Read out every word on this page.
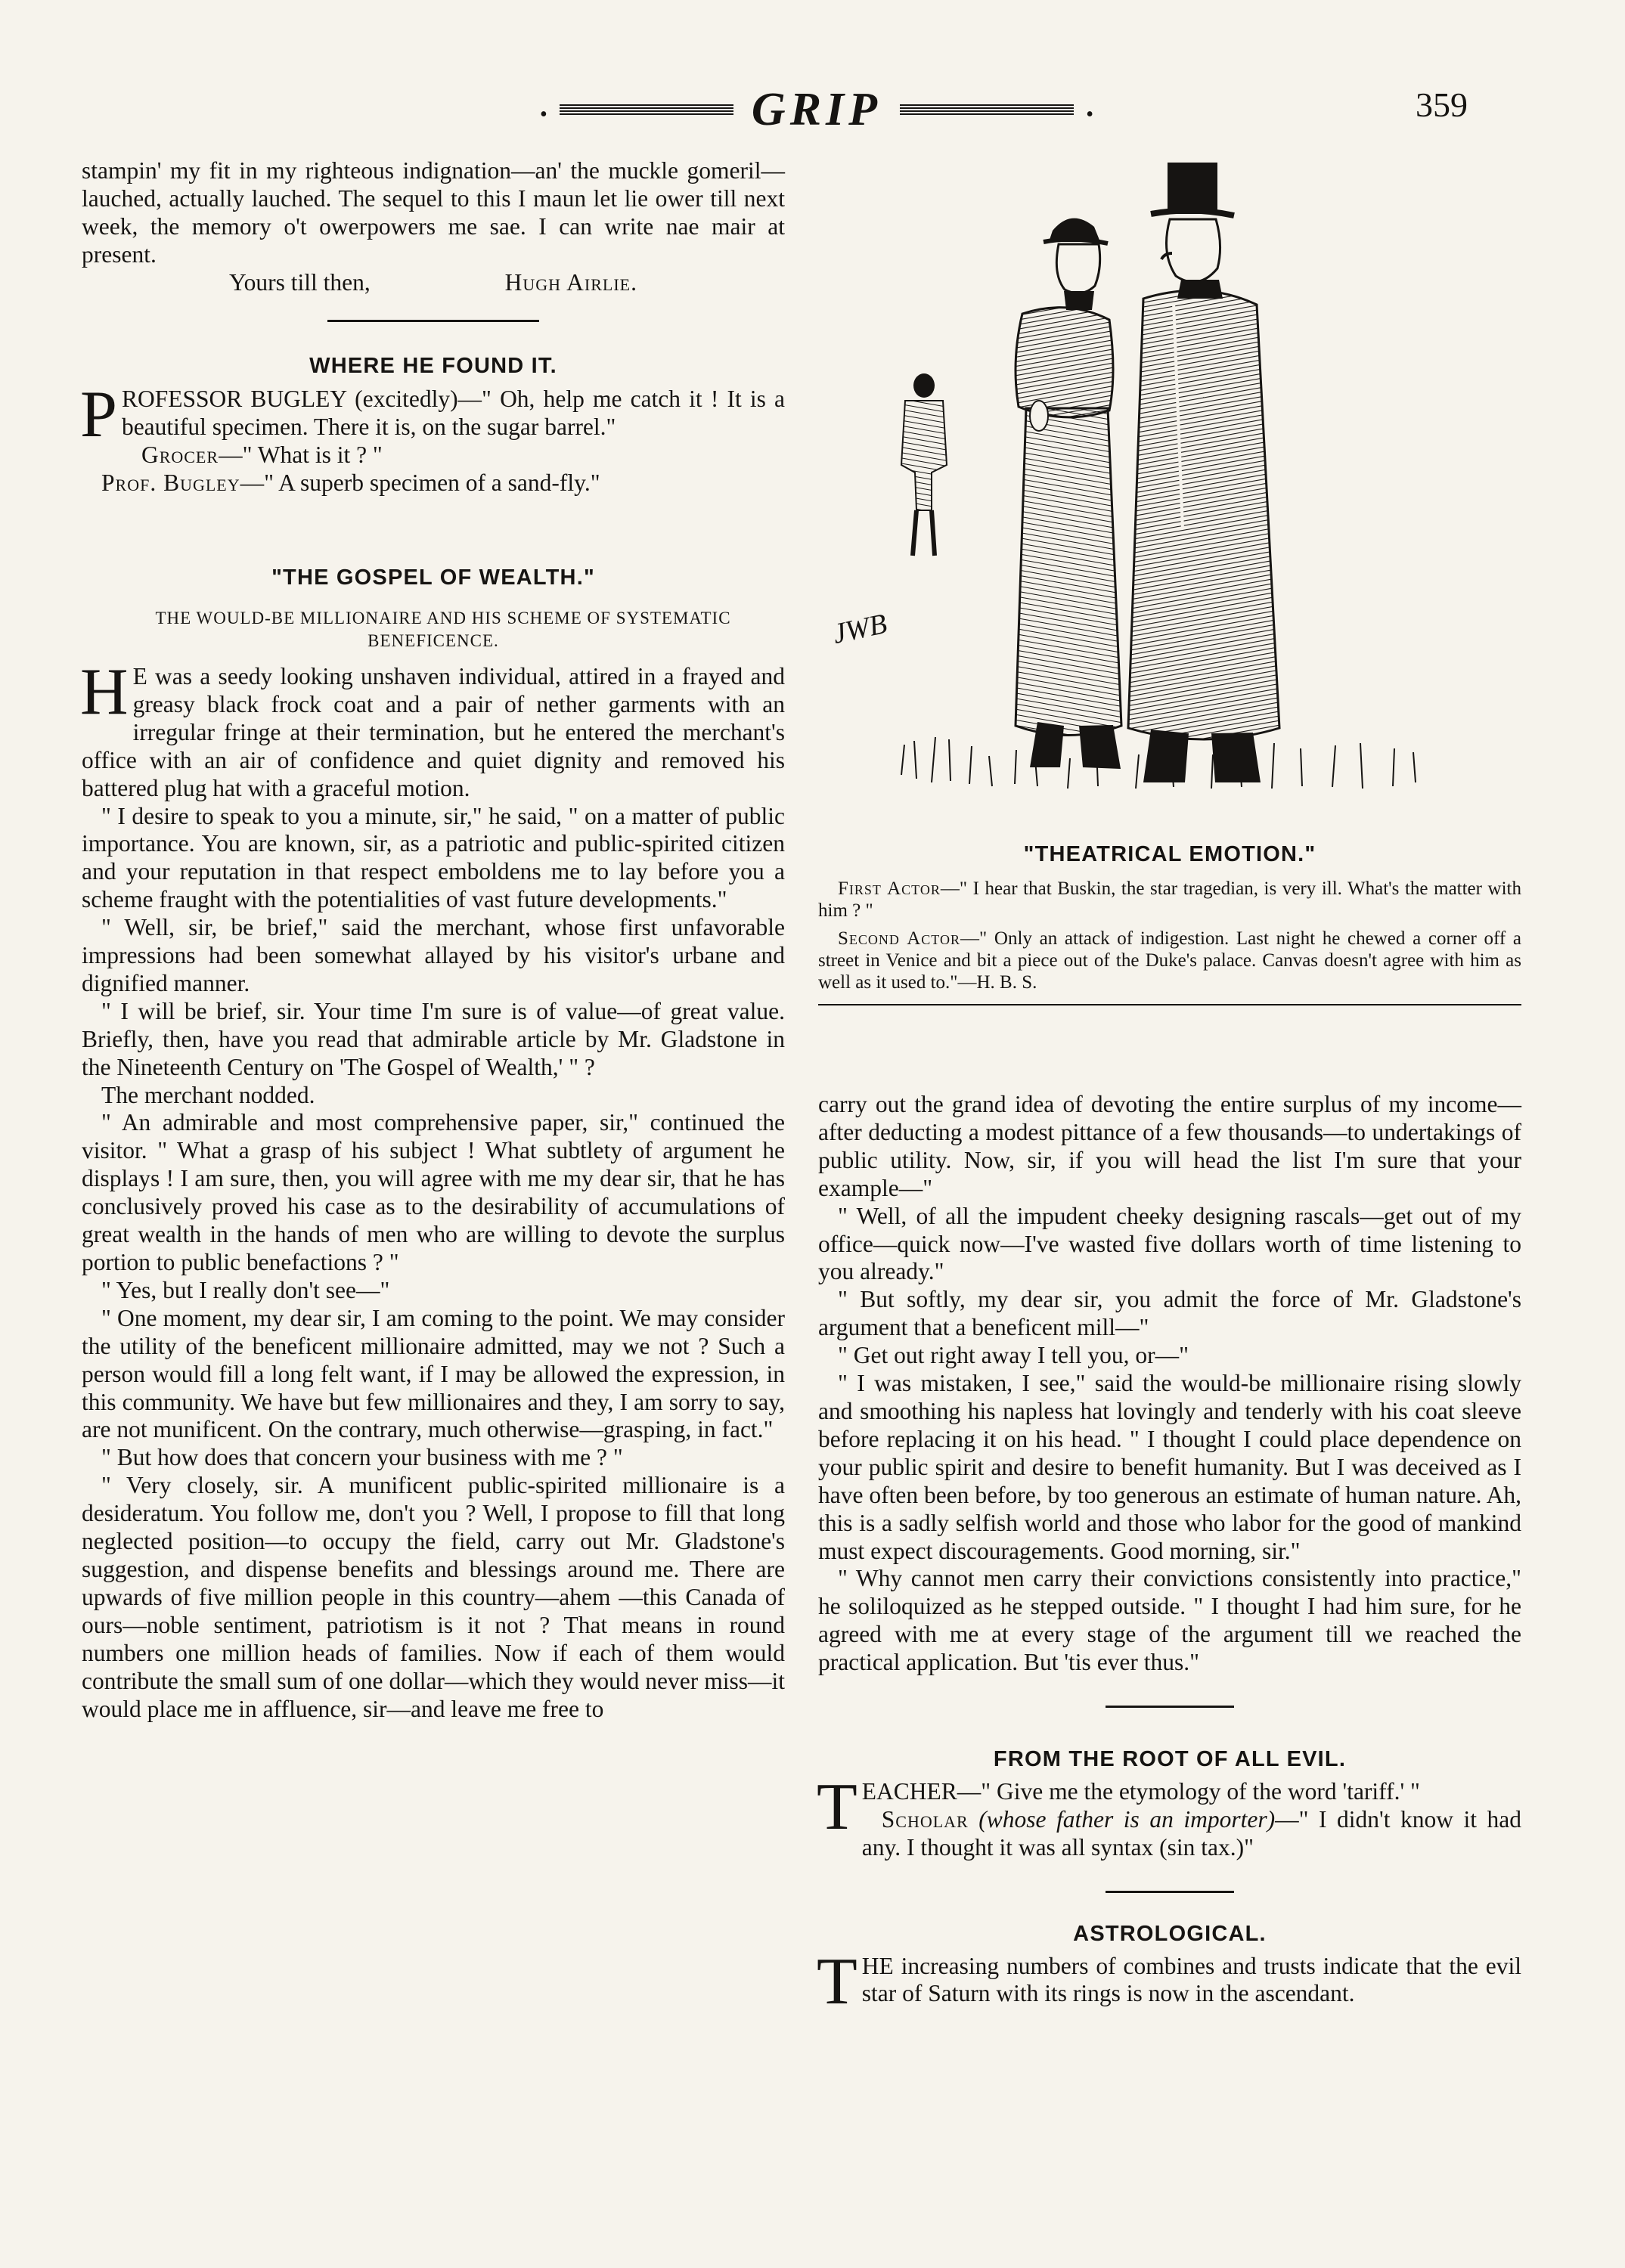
•	GRIP	•	359

stampin' my fit in my righteous indignation—an' the muckle gomeril—lauched, actually lauched. The sequel to this I maun let lie ower till next week, the memory o't owerpowers me sae. I can write nae mair at present.

Yours till then,	Hugh Airlie.
WHERE HE FOUND IT.

PROFESSOR BUGLEY (excitedly)—" Oh, help me catch it ! It is a beautiful specimen. There it is, on the sugar barrel."

Grocer—" What is it ? "

Prof. Bugley—" A superb specimen of a sand-fly."

"THE GOSPEL OF WEALTH."

THE WOULD-BE MILLIONAIRE AND HIS SCHEME OF SYSTEMATIC BENEFICENCE.

H E was a seedy looking unshaven individual, attired in a frayed and greasy black frock coat and a pair of nether garments with an irregular fringe at their termination, but he entered the merchant's office with an air of confidence and quiet dignity and removed his battered plug hat with a graceful motion.

" I desire to speak to you a minute, sir," he said, " on a matter of public importance. You are known, sir, as a patriotic and public-spirited citizen and your reputation in that respect emboldens me to lay before you a scheme fraught with the potentialities of vast future developments."

" Well, sir, be brief," said the merchant, whose first unfavorable impressions had been somewhat allayed by his visitor's urbane and dignified manner.

" I will be brief, sir. Your time I'm sure is of value—of great value. Briefly, then, have you read that admirable article by Mr. Gladstone in the Nineteenth Century on 'The Gospel of Wealth,' " ?

The merchant nodded.

" An admirable and most comprehensive paper, sir," continued the visitor. " What a grasp of his subject ! What subtlety of argument he displays ! I am sure, then, you will agree with me my dear sir, that he has conclusively proved his case as to the desirability of accumulations of great wealth in the hands of men who are willing to devote the surplus portion to public benefactions ? "

" Yes, but I really don't see—"

" One moment, my dear sir, I am coming to the point. We may consider the utility of the beneficent millionaire admitted, may we not ? Such a person would fill a long felt want, if I may be allowed the expression, in this community. We have but few millionaires and they, I am sorry to say, are not munificent. On the contrary, much otherwise—grasping, in fact."

" But how does that concern your business with me ? "

" Very closely, sir. A munificent public-spirited millionaire is a desideratum. You follow me, don't you ? Well, I propose to fill that long neglected position—to occupy the field, carry out Mr. Gladstone's suggestion, and dispense benefits and blessings around me. There are upwards of five million people in this country—ahem —this Canada of ours—noble sentiment, patriotism is it not ? That means in round numbers one million heads of families. Now if each of them would contribute the small sum of one dollar—which they would never miss—it would place me in affluence, sir—and leave me free to

JWB
"THEATRICAL EMOTION."

First Actor—" I hear that Buskin, the star tragedian, is very ill. What's the matter with him ? "

Second Actor—" Only an attack of indigestion. Last night he chewed a corner off a street in Venice and bit a piece out of the Duke's palace. Canvas doesn't agree with him as well as it used to."—H. B. S.

carry out the grand idea of devoting the entire surplus of my income—after deducting a modest pittance of a few thousands—to undertakings of public utility. Now, sir, if you will head the list I'm sure that your example—"

" Well, of all the impudent cheeky designing rascals—get out of my office—quick now—I've wasted five dollars worth of time listening to you already."

" But softly, my dear sir, you admit the force of Mr. Gladstone's argument that a beneficent mill—"

" Get out right away I tell you, or—"

" I was mistaken, I see," said the would-be millionaire rising slowly and smoothing his napless hat lovingly and tenderly with his coat sleeve before replacing it on his head. " I thought I could place dependence on your public spirit and desire to benefit humanity. But I was deceived as I have often been before, by too generous an estimate of human nature. Ah, this is a sadly selfish world and those who labor for the good of mankind must expect discouragements. Good morning, sir."

" Why cannot men carry their convictions consistently into practice," he soliloquized as he stepped outside. " I thought I had him sure, for he agreed with me at every stage of the argument till we reached the practical application. But 'tis ever thus."

FROM THE ROOT OF ALL EVIL.

TEACHER—" Give me the etymology of the word 'tariff.' "

Scholar (whose father is an importer)—" I didn't know it had any. I thought it was all syntax (sin tax.)"

ASTROLOGICAL.

THE increasing numbers of combines and trusts indicate that the evil star of Saturn with its rings is now in the ascendant.
